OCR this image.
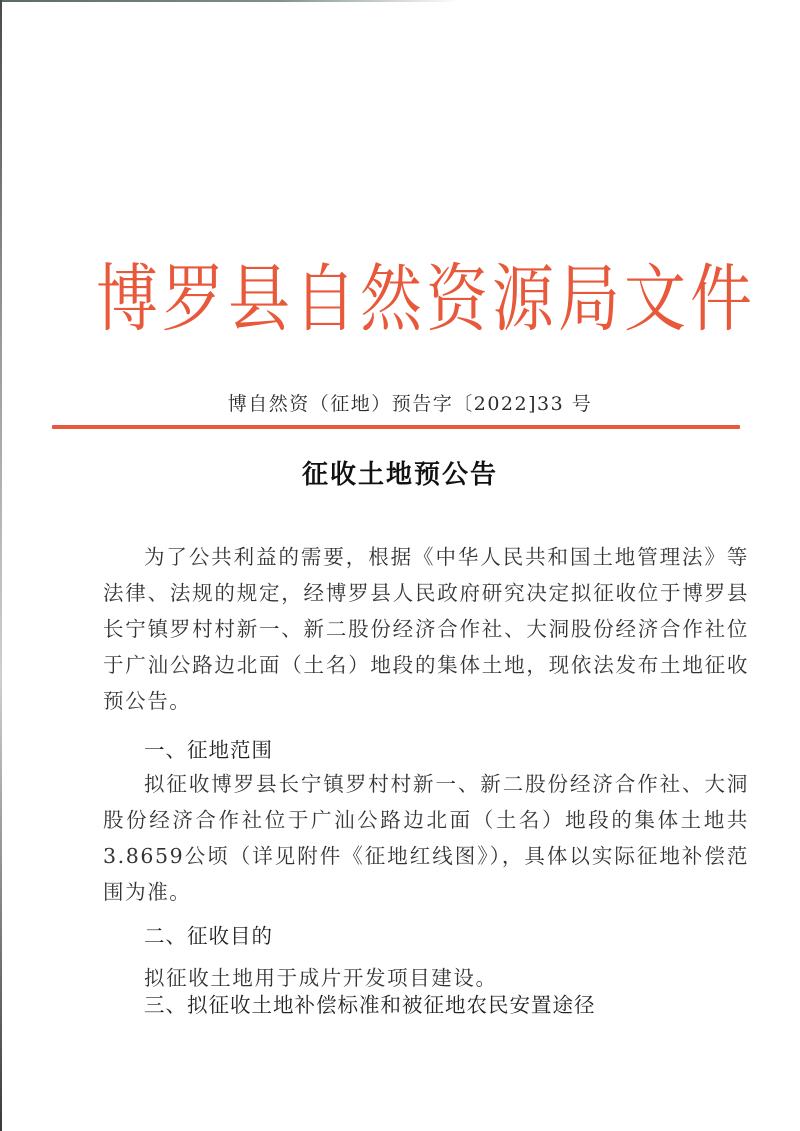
博罗县自然资源局文件
博自然资（征地）预告字〔2022]33 号
征收土地预公告
为了公共利益的需要，根据《中华人民共和国土地管理法》等法律、法规的规定，经博罗县人民政府研究决定拟征收位于博罗县长宁镇罗村村新一、新二股份经济合作社、大洞股份经济合作社位于广汕公路边北面（土名）地段的集体土地，现依法发布土地征收预公告。
一、征地范围
拟征收博罗县长宁镇罗村村新一、新二股份经济合作社、大洞股份经济合作社位于广汕公路边北面（土名）地段的集体土地共3.8659公顷（详见附件《征地红线图》），具体以实际征地补偿范围为准。
二、征收目的
拟征收土地用于成片开发项目建设。
三、拟征收土地补偿标准和被征地农民安置途径
